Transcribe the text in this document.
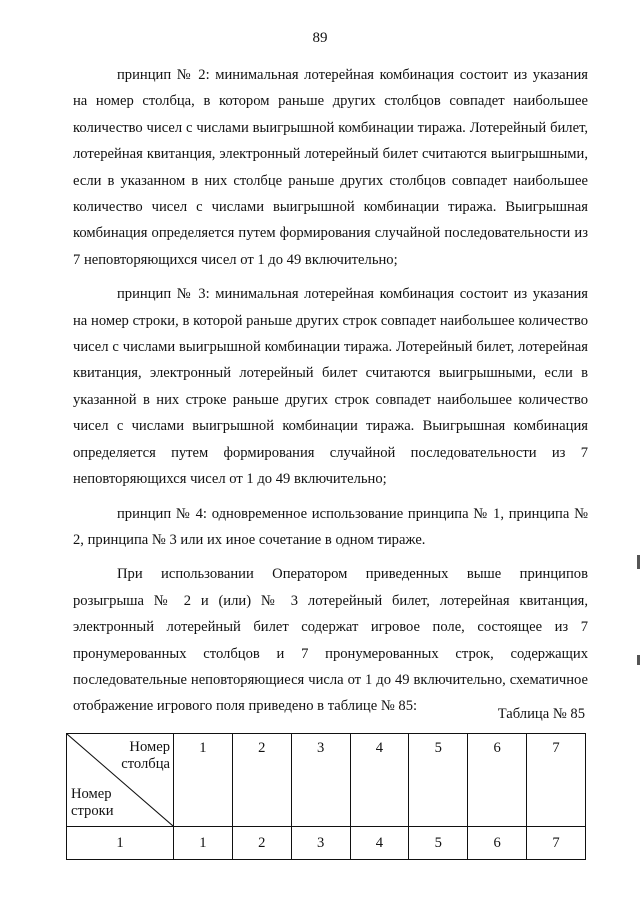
89

принцип № 2: минимальная лотерейная комбинация состоит из указания на номер столбца, в котором раньше других столбцов совпадет наибольшее количество чисел с числами выигрышной комбинации тиража. Лотерейный билет, лотерейная квитанция, электронный лотерейный билет считаются выигрышными, если в указанном в них столбце раньше других столбцов совпадет наибольшее количество чисел с числами выигрышной комбинации тиража. Выигрышная комбинация определяется путем формирования случайной последовательности из 7 неповторяющихся чисел от 1 до 49 включительно;

принцип № 3: минимальная лотерейная комбинация состоит из указания на номер строки, в которой раньше других строк совпадет наибольшее количество чисел с числами выигрышной комбинации тиража. Лотерейный билет, лотерейная квитанция, электронный лотерейный билет считаются выигрышными, если в указанной в них строке раньше других строк совпадет наибольшее количество чисел с числами выигрышной комбинации тиража. Выигрышная комбинация определяется путем формирования случайной последовательности из 7 неповторяющихся чисел от 1 до 49 включительно;

принцип № 4: одновременное использование принципа № 1, принципа № 2, принципа № 3 или их иное сочетание в одном тираже.

При использовании Оператором приведенных выше принципов розыгрыша № 2 и (или) № 3 лотерейный билет, лотерейная квитанция, электронный лотерейный билет содержат игровое поле, состоящее из 7 пронумерованных столбцов и 7 пронумерованных строк, содержащих последовательные неповторяющиеся числа от 1 до 49 включительно, схематичное отображение игрового поля приведено в таблице № 85:	Таблица № 85
Номер
столбца
Номер
строки	1	2	3	4	5	6	7
1	1	2	3	4	5	6	7
